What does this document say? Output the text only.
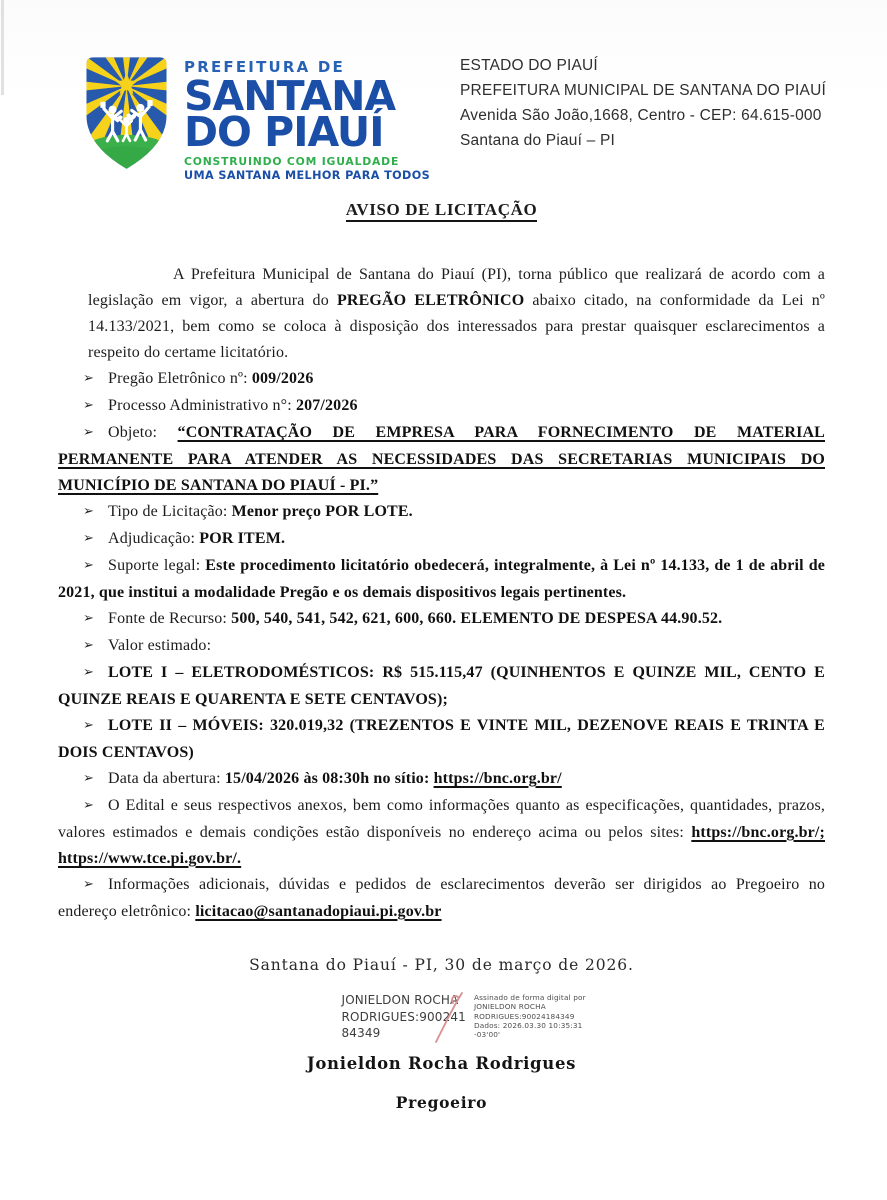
PREFEITURA DE
SANTANA
DO PIAUÍ
CONSTRUINDO COM IGUALDADE
UMA SANTANA MELHOR PARA TODOS
ESTADO DO PIAUÍ
PREFEITURA MUNICIPAL DE SANTANA DO PIAUÍ
Avenida São João,1668, Centro - CEP: 64.615-000
Santana do Piauí – PI
AVISO DE LICITAÇÃO

A Prefeitura Municipal de Santana do Piauí (PI), torna público que realizará de acordo com a legislação em vigor, a abertura do PREGÃO ELETRÔNICO abaixo citado, na conformidade da Lei nº 14.133/2021, bem como se coloca à disposição dos interessados para prestar quaisquer esclarecimentos a respeito do certame licitatório.

➢ Pregão Eletrônico nº: 009/2026

➢ Processo Administrativo n°: 207/2026

➢ Objeto: “CONTRATAÇÃO DE EMPRESA PARA FORNECIMENTO DE MATERIAL PERMANENTE PARA ATENDER AS NECESSIDADES DAS SECRETARIAS MUNICIPAIS DO MUNICÍPIO DE SANTANA DO PIAUÍ - PI.”

➢ Tipo de Licitação: Menor preço POR LOTE.

➢ Adjudicação: POR ITEM.

➢ Suporte legal: Este procedimento licitatório obedecerá, integralmente, à Lei nº 14.133, de 1 de abril de 2021, que institui a modalidade Pregão e os demais dispositivos legais pertinentes.

➢ Fonte de Recurso: 500, 540, 541, 542, 621, 600, 660. ELEMENTO DE DESPESA 44.90.52.

➢ Valor estimado:

➢ LOTE I – ELETRODOMÉSTICOS: R$ 515.115,47 (QUINHENTOS E QUINZE MIL, CENTO E QUINZE REAIS E QUARENTA E SETE CENTAVOS);

➢ LOTE II – MÓVEIS: 320.019,32 (TREZENTOS E VINTE MIL, DEZENOVE REAIS E TRINTA E DOIS CENTAVOS)

➢ Data da abertura: 15/04/2026 às 08:30h no sítio: https://bnc.org.br/

➢ O Edital e seus respectivos anexos, bem como informações quanto as especificações, quantidades, prazos, valores estimados e demais condições estão disponíveis no endereço acima ou pelos sites: https://bnc.org.br/; https://www.tce.pi.gov.br/.

➢ Informações adicionais, dúvidas e pedidos de esclarecimentos deverão ser dirigidos ao Pregoeiro no endereço eletrônico: licitacao@santanadopiaui.pi.gov.br

Santana do Piauí - PI, 30 de março de 2026.

JONIELDON ROCHA
RODRIGUES:900241
84349
Assinado de forma digital por
JONIELDON ROCHA
RODRIGUES:90024184349
Dados: 2026.03.30 10:35:31
-03'00'

Jonieldon Rocha Rodrigues

Pregoeiro
